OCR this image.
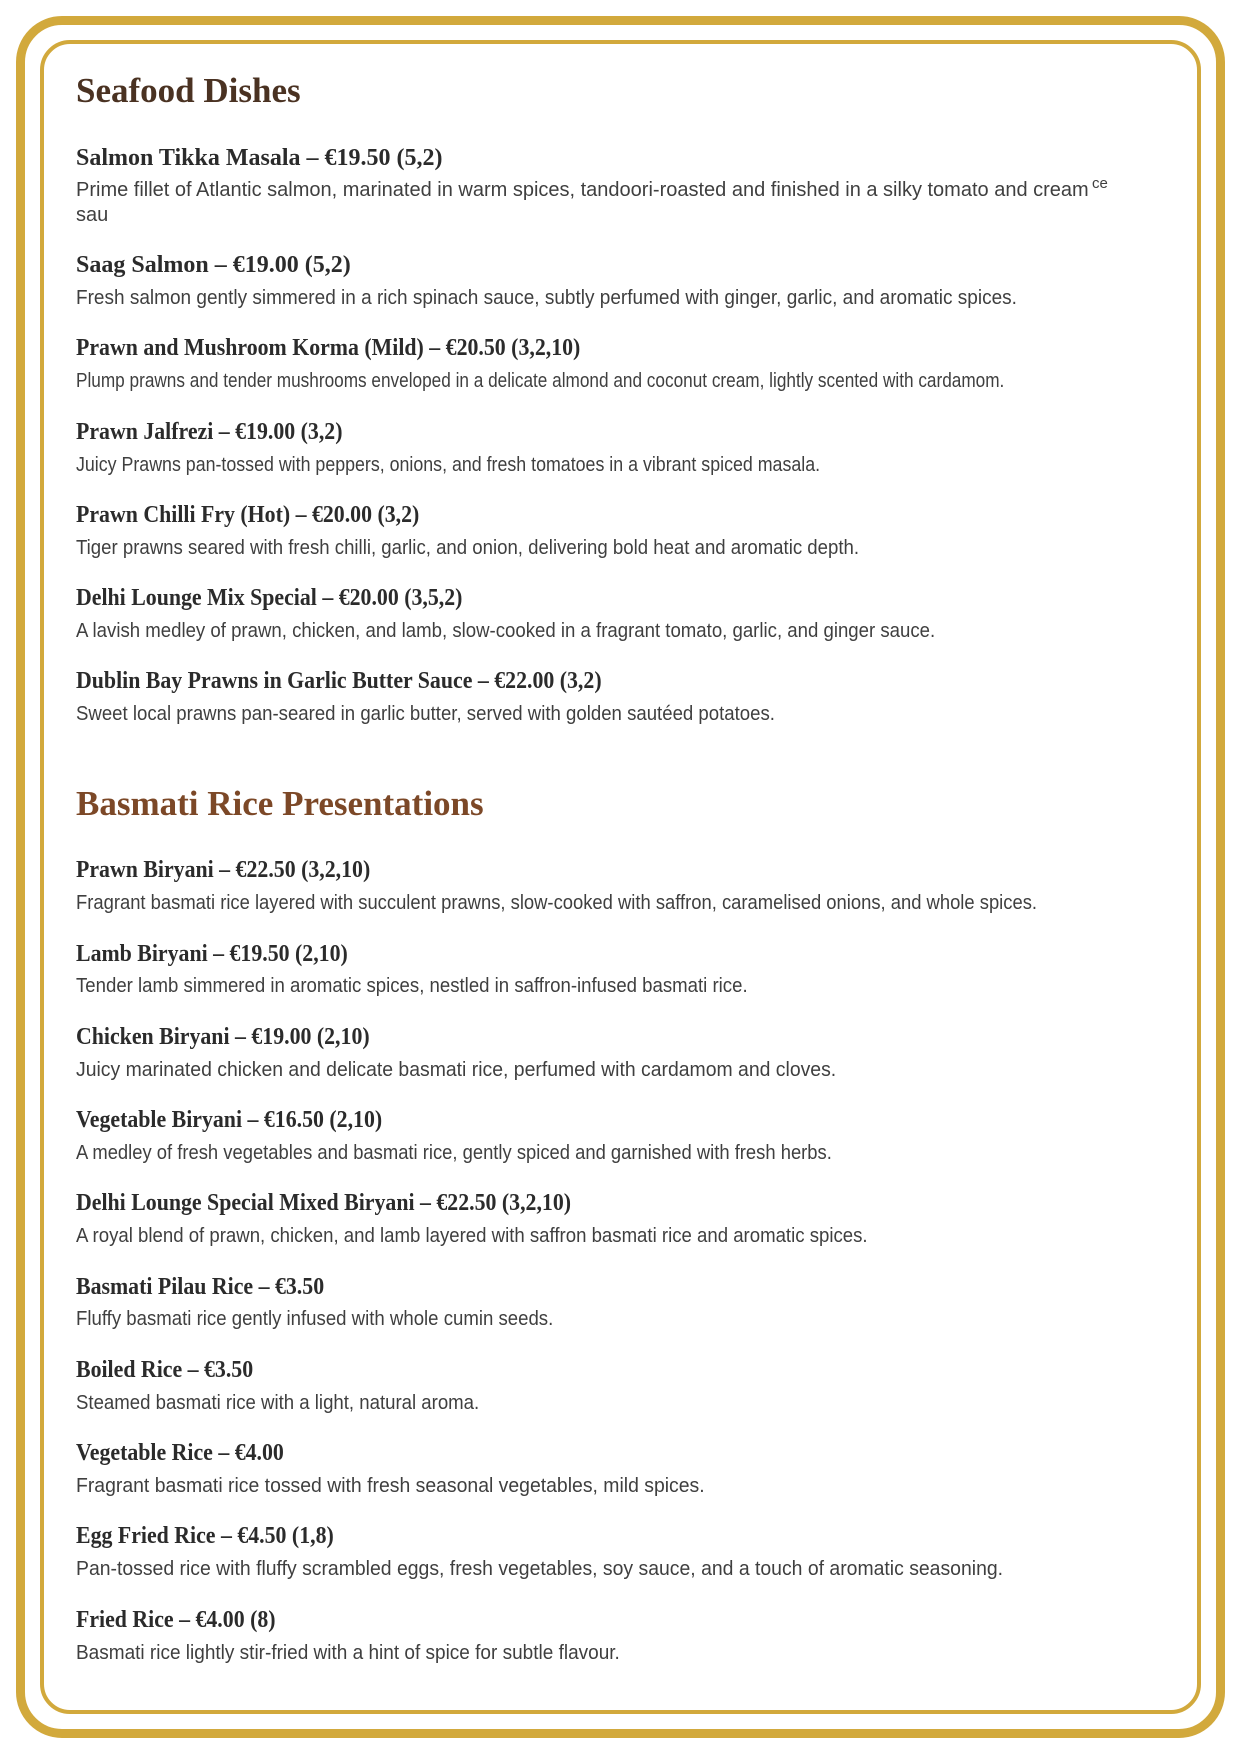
Seafood Dishes
Salmon Tikka Masala – €19.50 (5,2)
Prime fillet of Atlantic salmon, marinated in warm spices, tandoori-roasted and finished in a silky tomato and cream
sau
Saag Salmon – €19.00 (5,2)
Fresh salmon gently simmered in a rich spinach sauce, subtly perfumed with ginger, garlic, and aromatic spices.
Prawn and Mushroom Korma (Mild) – €20.50 (3,2,10)
Plump prawns and tender mushrooms enveloped in a delicate almond and coconut cream, lightly scented with cardamom.
Prawn Jalfrezi – €19.00 (3,2)
Juicy Prawns pan-tossed with peppers, onions, and fresh tomatoes in a vibrant spiced masala.
Prawn Chilli Fry (Hot) – €20.00 (3,2)
Tiger prawns seared with fresh chilli, garlic, and onion, delivering bold heat and aromatic depth.
Delhi Lounge Mix Special – €20.00 (3,5,2)
A lavish medley of prawn, chicken, and lamb, slow-cooked in a fragrant tomato, garlic, and ginger sauce.
Dublin Bay Prawns in Garlic Butter Sauce – €22.00 (3,2)
Sweet local prawns pan-seared in garlic butter, served with golden sautéed potatoes.
Basmati Rice Presentations
Prawn Biryani – €22.50 (3,2,10)
Fragrant basmati rice layered with succulent prawns, slow-cooked with saffron, caramelised onions, and whole spices.
Lamb Biryani – €19.50 (2,10)
Tender lamb simmered in aromatic spices, nestled in saffron-infused basmati rice.
Chicken Biryani – €19.00 (2,10)
Juicy marinated chicken and delicate basmati rice, perfumed with cardamom and cloves.
Vegetable Biryani – €16.50 (2,10)
A medley of fresh vegetables and basmati rice, gently spiced and garnished with fresh herbs.
Delhi Lounge Special Mixed Biryani – €22.50 (3,2,10)
A royal blend of prawn, chicken, and lamb layered with saffron basmati rice and aromatic spices.
Basmati Pilau Rice – €3.50
Fluffy basmati rice gently infused with whole cumin seeds.
Boiled Rice – €3.50
Steamed basmati rice with a light, natural aroma.
Vegetable Rice – €4.00
Fragrant basmati rice tossed with fresh seasonal vegetables, mild spices.
Egg Fried Rice – €4.50 (1,8)
Pan-tossed rice with fluffy scrambled eggs, fresh vegetables, soy sauce, and a touch of aromatic seasoning.
Fried Rice – €4.00 (8)
Basmati rice lightly stir-fried with a hint of spice for subtle flavour.
ce
